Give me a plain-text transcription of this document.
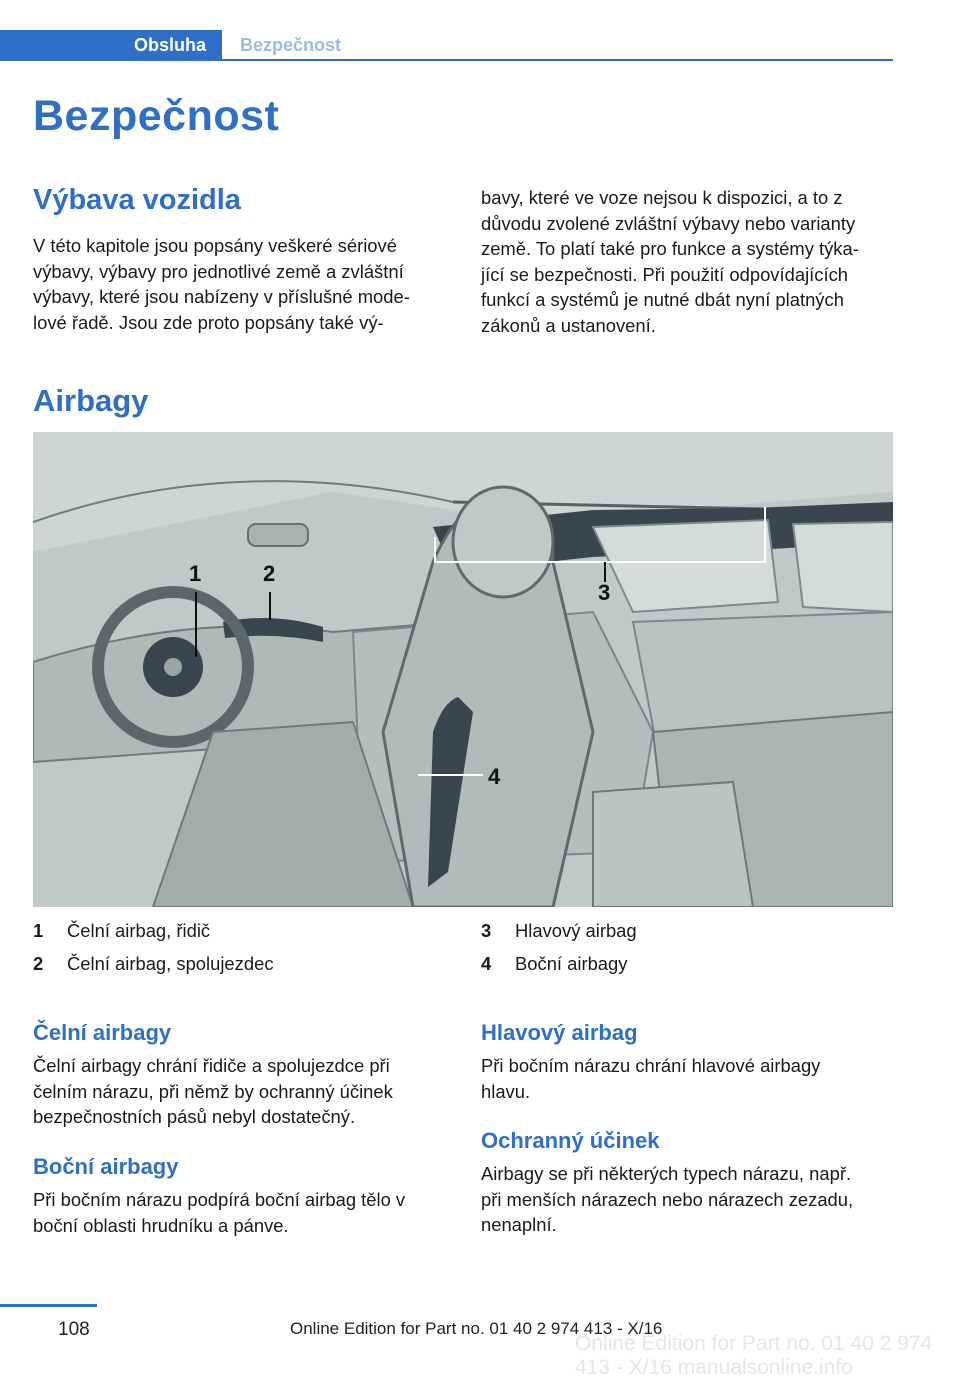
Obsluha	Bezpečnost
Bezpečnost
Výbava vozidla
V této kapitole jsou popsány veškeré sériové
výbavy, výbavy pro jednotlivé země a zvláštní
výbavy, které jsou nabízeny v příslušné mode‐
lové řadě. Jsou zde proto popsány také vý‐
bavy, které ve voze nejsou k dispozici, a to z
důvodu zvolené zvláštní výbavy nebo varianty
země. To platí také pro funkce a systémy týka‐
jící se bezpečnosti. Při použití odpovídajících
funkcí a systémů je nutné dbát nyní platných
zákonů a ustanovení.
Airbagy
1	2
3
4
1	Čelní airbag, řidič
2	Čelní airbag, spolujezdec
3	Hlavový airbag
4	Boční airbagy
Čelní airbagy
Čelní airbagy chrání řidiče a spolujezdce při
čelním nárazu, při němž by ochranný účinek
bezpečnostních pásů nebyl dostatečný.
Boční airbagy
Při bočním nárazu podpírá boční airbag tělo v
boční oblasti hrudníku a pánve.
Hlavový airbag
Při bočním nárazu chrání hlavové airbagy
hlavu.
Ochranný účinek
Airbagy se při některých typech nárazu, např.
při menších nárazech nebo nárazech zezadu,
nenaplní.
108	Online Edition for Part no. 01 40 2 974 413 - X/16
Online Edition for Part no. 01 40 2 974 413 - X/16 manualsonline.info
